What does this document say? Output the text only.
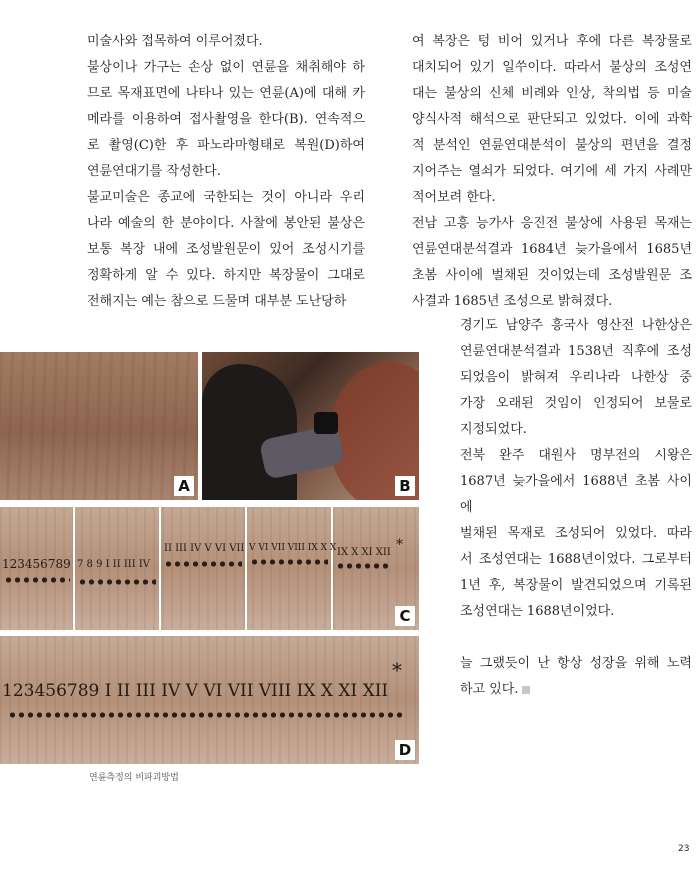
미술사와 접목하여 이루어졌다.

불상이나 가구는 손상 없이 연륜을 채취해야 하

므로 목재표면에 나타나 있는 연륜(A)에 대해 카

메라를 이용하여 접사촬영을 한다(B). 연속적으

로 촬영(C)한 후 파노라마형태로 복원(D)하여

연륜연대기를 작성한다.

불교미술은 종교에 국한되는 것이 아니라 우리

나라 예술의 한 분야이다. 사찰에 봉안된 불상은

보통 복장 내에 조성발원문이 있어 조성시기를

정확하게 알 수 있다. 하지만 복장물이 그대로

전해지는 예는 참으로 드물며 대부분 도난당하

여 복장은 텅 비어 있거나 후에 다른 복장물로

대치되어 있기 일쑤이다. 따라서 불상의 조성연

대는 불상의 신체 비례와 인상, 착의법 등 미술

양식사적 해석으로 판단되고 있었다. 이에 과학

적 분석인 연륜연대분석이 불상의 편년을 결정

지어주는 열쇠가 되었다. 여기에 세 가지 사례만

적어보려 한다.

전남 고흥 능가사 응진전 불상에 사용된 목재는

연륜연대분석결과 1684년 늦가을에서 1685년

초봄 사이에 벌채된 것이었는데 조성발원문 조

사결과 1685년 조성으로 밝혀졌다.

경기도 남양주 흥국사 영산전 나한상은

연륜연대분석결과 1538년 직후에 조성

되었음이 밝혀져 우리나라 나한상 중

가장 오래된 것임이 인정되어 보물로

지정되었다.

전북 완주 대원사 명부전의 시왕은

1687년 늦가을에서 1688년 초봄 사이에

벌채된 목재로 조성되어 있었다. 따라

서 조성연대는 1688년이었다. 그로부터

1년 후, 복장물이 발견되었으며 기록된

조성연대는 1688년이었다.

늘 그랬듯이 난 항상 성장을 위해 노력

하고 있다.

A	B
123456789 7 8 9 I II III IV
II III IV V VI VII V VI VII VIII IX X X IX X XI XII *
C
123456789 I II III IV V VI VII VIII IX X XI XII
*
D
연륜측정의 비파괴방법
23
